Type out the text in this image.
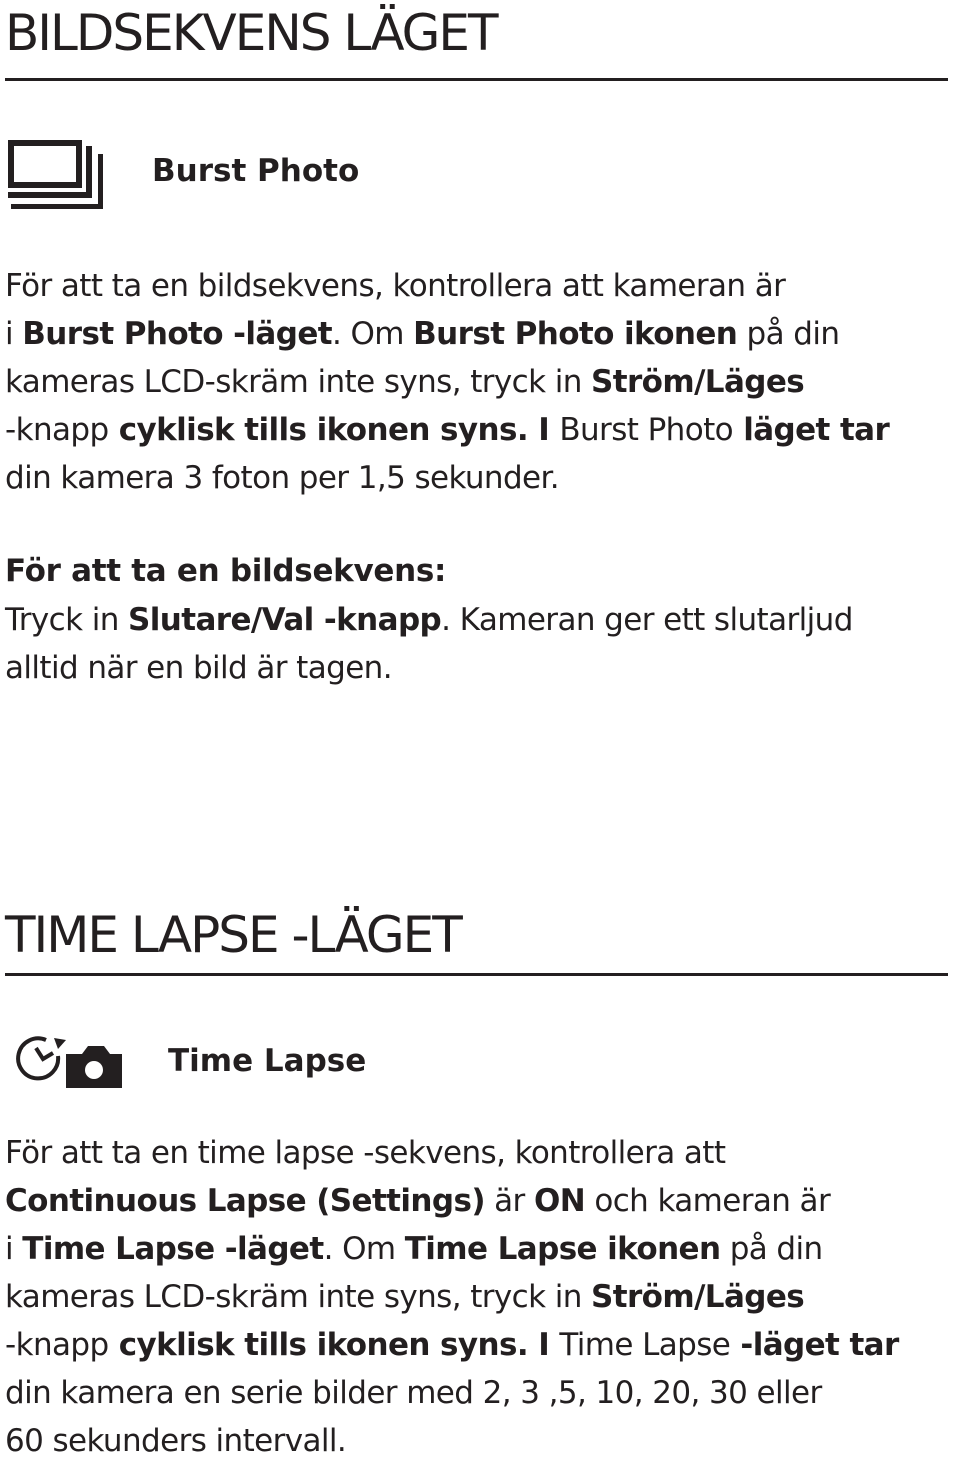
BILDSEKVENS LÄGET
Burst Photo
För att ta en bildsekvens, kontrollera att kameran är
i Burst Photo -läget. Om Burst Photo ikonen på din
kameras LCD-skräm inte syns, tryck in Ström/Läges
-knapp cyklisk tills ikonen syns. I Burst Photo läget tar
din kamera 3 foton per 1,5 sekunder.
För att ta en bildsekvens:
Tryck in Slutare/Val -knapp. Kameran ger ett slutarljud
alltid när en bild är tagen.
TIME LAPSE -LÄGET
Time Lapse
För att ta en time lapse -sekvens, kontrollera att
Continuous Lapse (Settings) är ON och kameran är
i Time Lapse -läget. Om Time Lapse ikonen på din
kameras LCD-skräm inte syns, tryck in Ström/Läges
-knapp cyklisk tills ikonen syns. I Time Lapse -läget tar
din kamera en serie bilder med 2, 3 ,5, 10, 20, 30 eller
60 sekunders intervall.
